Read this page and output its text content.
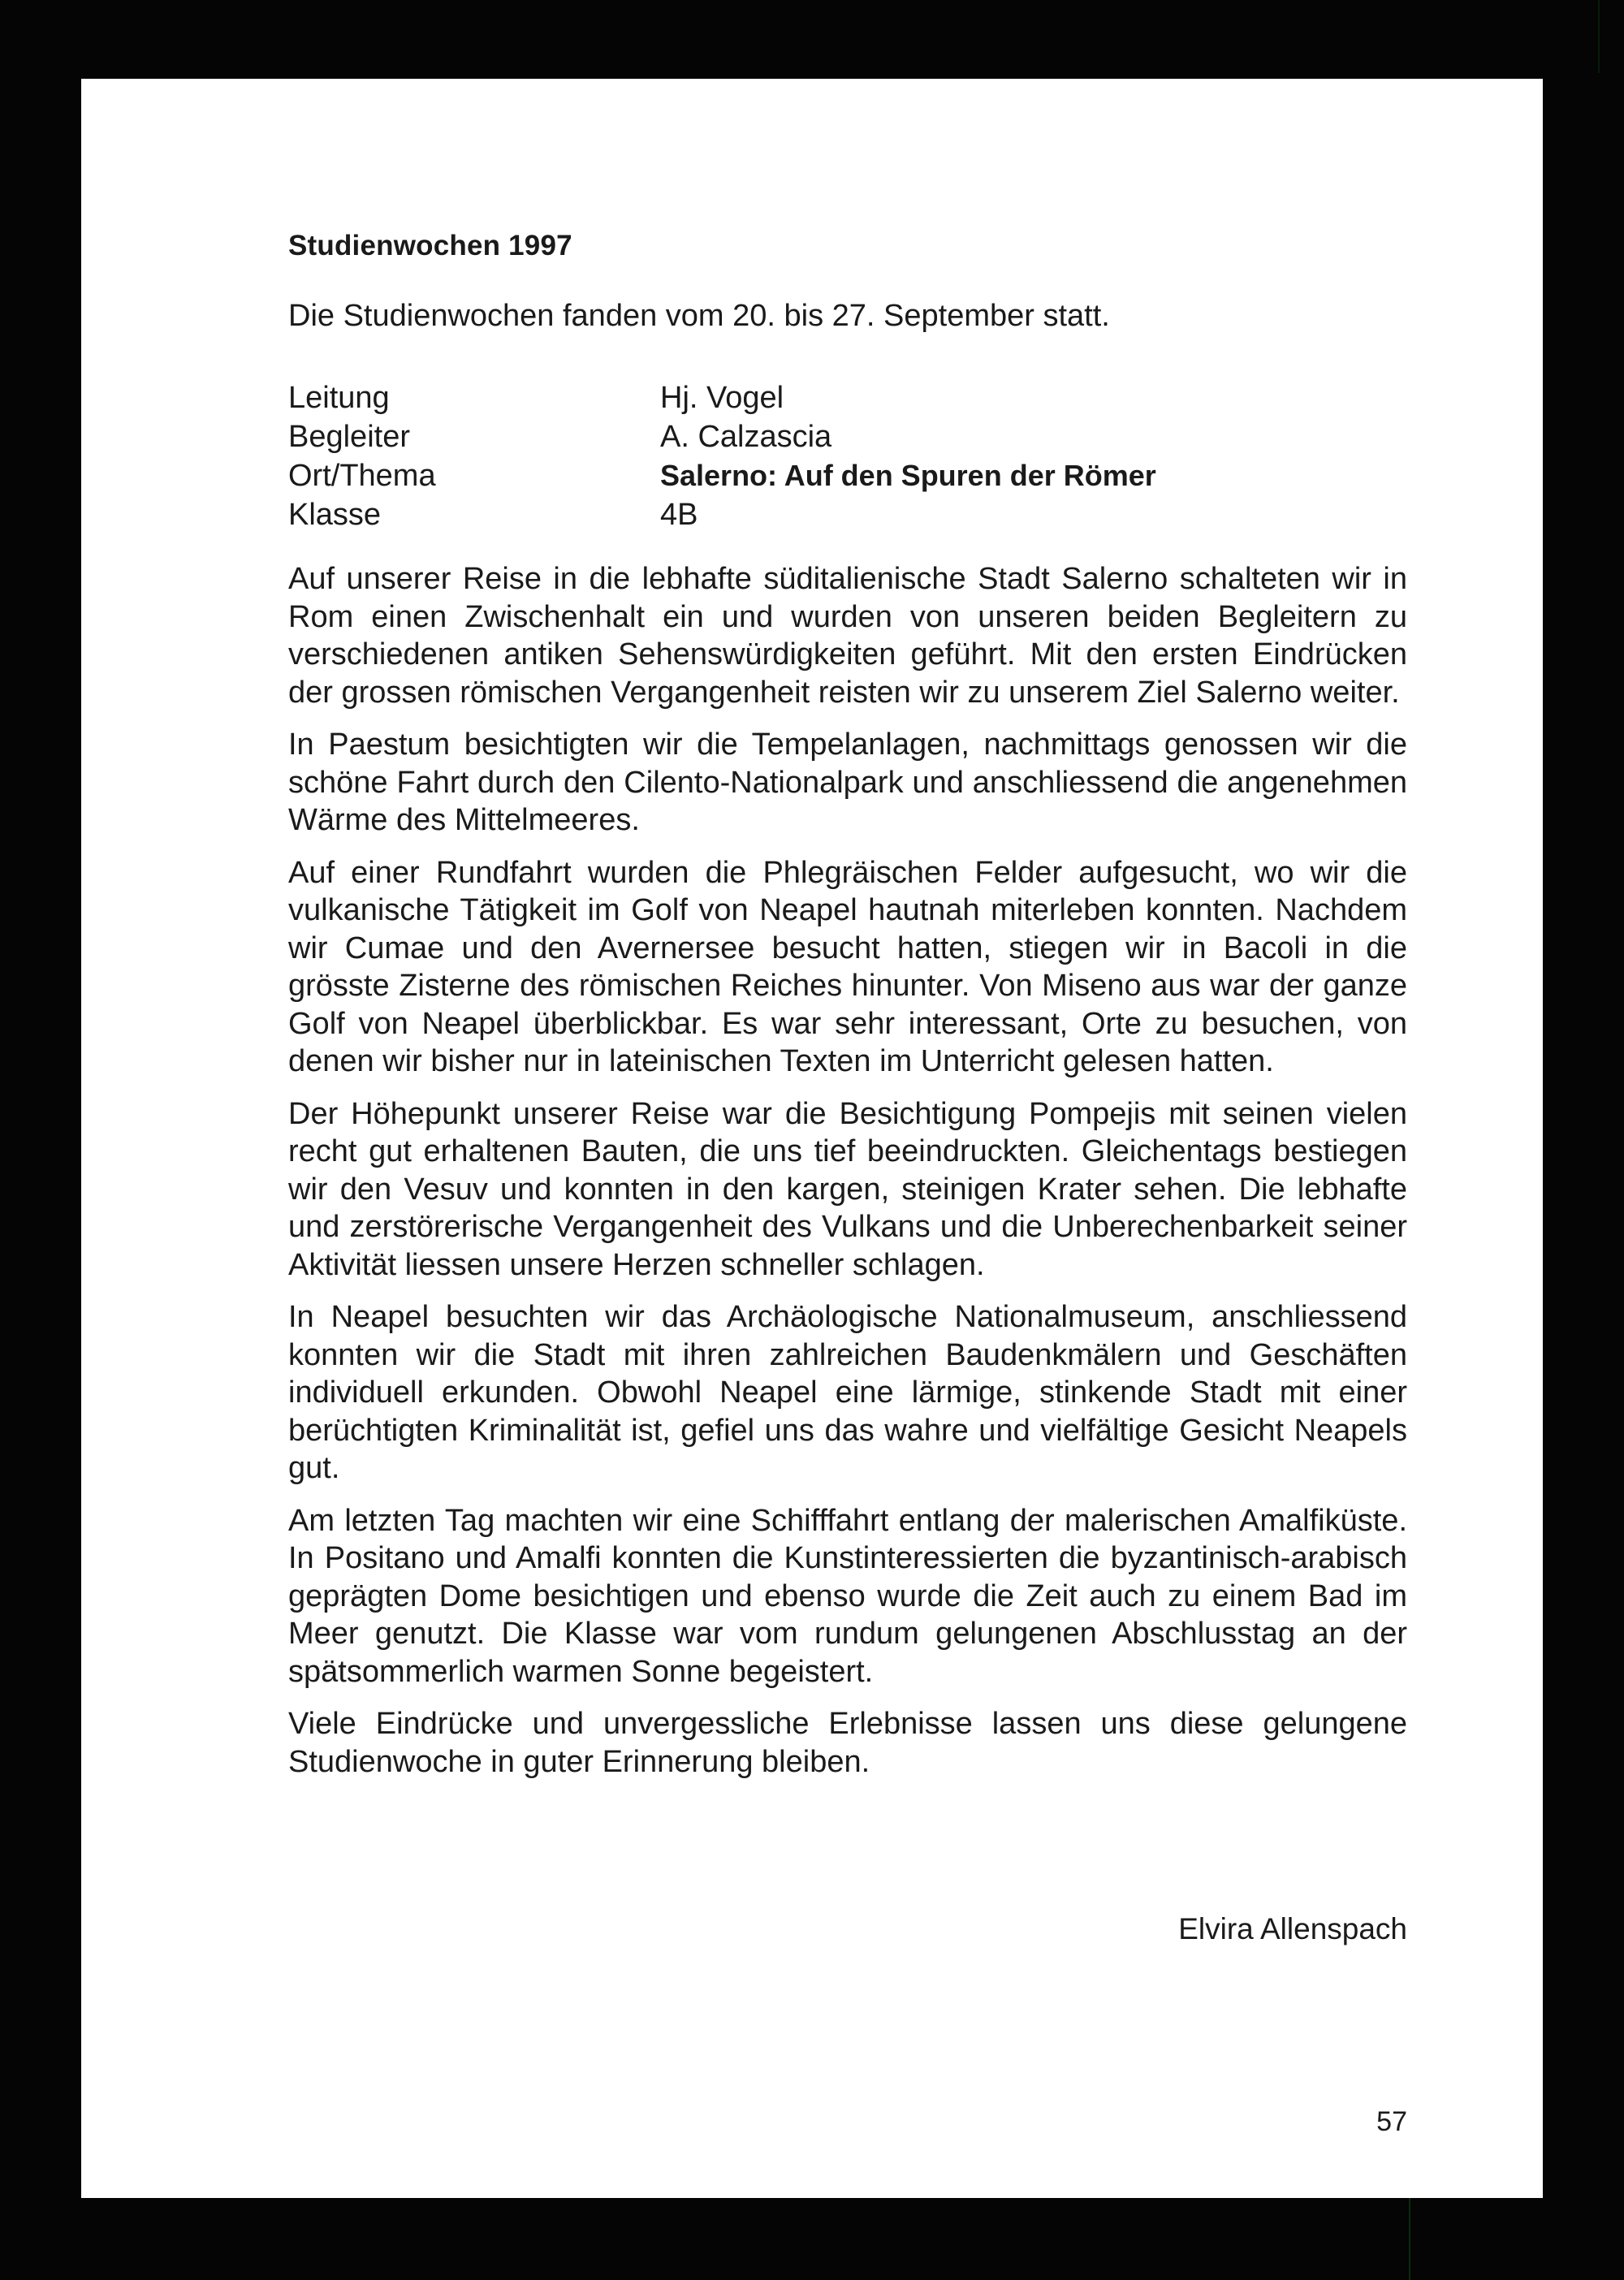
Studienwochen 1997
Die Studienwochen fanden vom 20. bis 27. September statt.
Leitung	Hj. Vogel
Begleiter	A. Calzascia
Ort/Thema	Salerno: Auf den Spuren der Römer
Klasse	4B

Auf unserer Reise in die lebhafte süditalienische Stadt Salerno schalteten wir in Rom einen Zwischenhalt ein und wurden von unseren beiden Begleitern zu verschiedenen antiken Sehenswürdigkeiten geführt. Mit den ersten Eindrücken der grossen römischen Vergangenheit reisten wir zu unserem Ziel Salerno weiter.

In Paestum besichtigten wir die Tempelanlagen, nachmittags genossen wir die schöne Fahrt durch den Cilento-Nationalpark und anschliessend die angenehmen Wärme des Mittelmeeres.

Auf einer Rundfahrt wurden die Phlegräischen Felder aufgesucht, wo wir die vulkanische Tätigkeit im Golf von Neapel hautnah miterleben konnten. Nachdem wir Cumae und den Avernersee besucht hatten, stiegen wir in Bacoli in die grösste Zisterne des römischen Reiches hinunter. Von Miseno aus war der ganze Golf von Neapel überblickbar. Es war sehr interessant, Orte zu besuchen, von denen wir bisher nur in lateinischen Texten im Unterricht gelesen hatten.

Der Höhepunkt unserer Reise war die Besichtigung Pompejis mit seinen vielen recht gut erhaltenen Bauten, die uns tief beeindruckten. Gleichentags bestiegen wir den Vesuv und konnten in den kargen, steinigen Krater sehen. Die lebhafte und zerstörerische Vergangenheit des Vulkans und die Unberechenbarkeit seiner Aktivität liessen unsere Herzen schneller schlagen.

In Neapel besuchten wir das Archäologische Nationalmuseum, anschliessend konnten wir die Stadt mit ihren zahlreichen Baudenkmälern und Geschäften individuell erkunden. Obwohl Neapel eine lärmige, stinkende Stadt mit einer berüchtigten Kriminalität ist, gefiel uns das wahre und vielfältige Gesicht Neapels gut.

Am letzten Tag machten wir eine Schifffahrt entlang der malerischen Amalfiküste. In Positano und Amalfi konnten die Kunstinteressierten die byzantinisch-arabisch geprägten Dome besichtigen und ebenso wurde die Zeit auch zu einem Bad im Meer genutzt. Die Klasse war vom rundum gelungenen Abschlusstag an der spätsommerlich warmen Sonne begeistert.

Viele Eindrücke und unvergessliche Erlebnisse lassen uns diese gelungene Studienwoche in guter Erinnerung bleiben.

Elvira Allenspach
57
